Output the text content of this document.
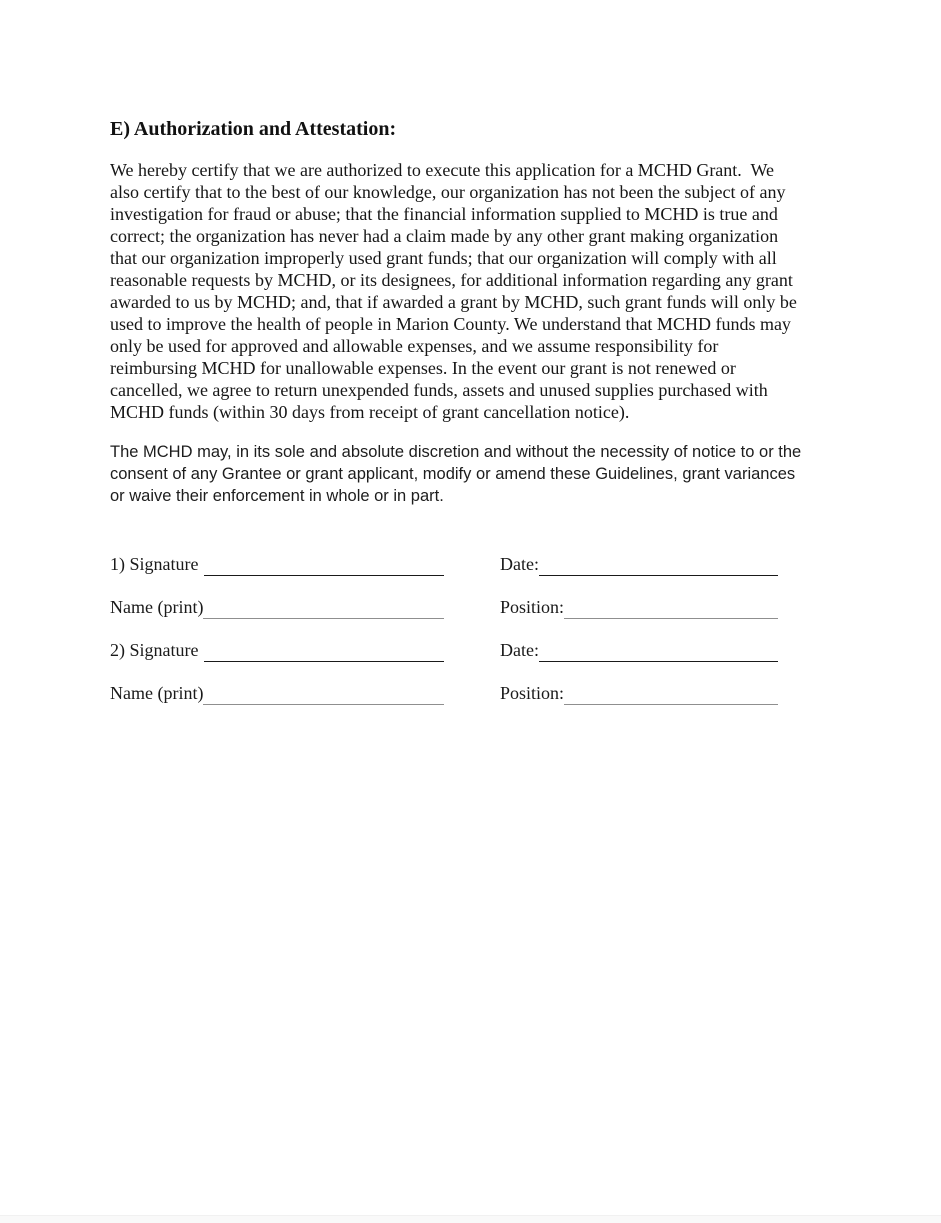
E) Authorization and Attestation:

We hereby certify that we are authorized to execute this application for a MCHD Grant.  We
also certify that to the best of our knowledge, our organization has not been the subject of any
investigation for fraud or abuse; that the financial information supplied to MCHD is true and
correct; the organization has never had a claim made by any other grant making organization
that our organization improperly used grant funds; that our organization will comply with all
reasonable requests by MCHD, or its designees, for additional information regarding any grant
awarded to us by MCHD; and, that if awarded a grant by MCHD, such grant funds will only be
used to improve the health of people in Marion County. We understand that MCHD funds may
only be used for approved and allowable expenses, and we assume responsibility for
reimbursing MCHD for unallowable expenses. In the event our grant is not renewed or
cancelled, we agree to return unexpended funds, assets and unused supplies purchased with
MCHD funds (within 30 days from receipt of grant cancellation notice).

The MCHD may, in its sole and absolute discretion and without the necessity of notice to or the
consent of any Grantee or grant applicant, modify or amend these Guidelines, grant variances
or waive their enforcement in whole or in part.

1) Signature	Date:
Name (print)	Position:
2) Signature	Date:
Name (print)	Position:
